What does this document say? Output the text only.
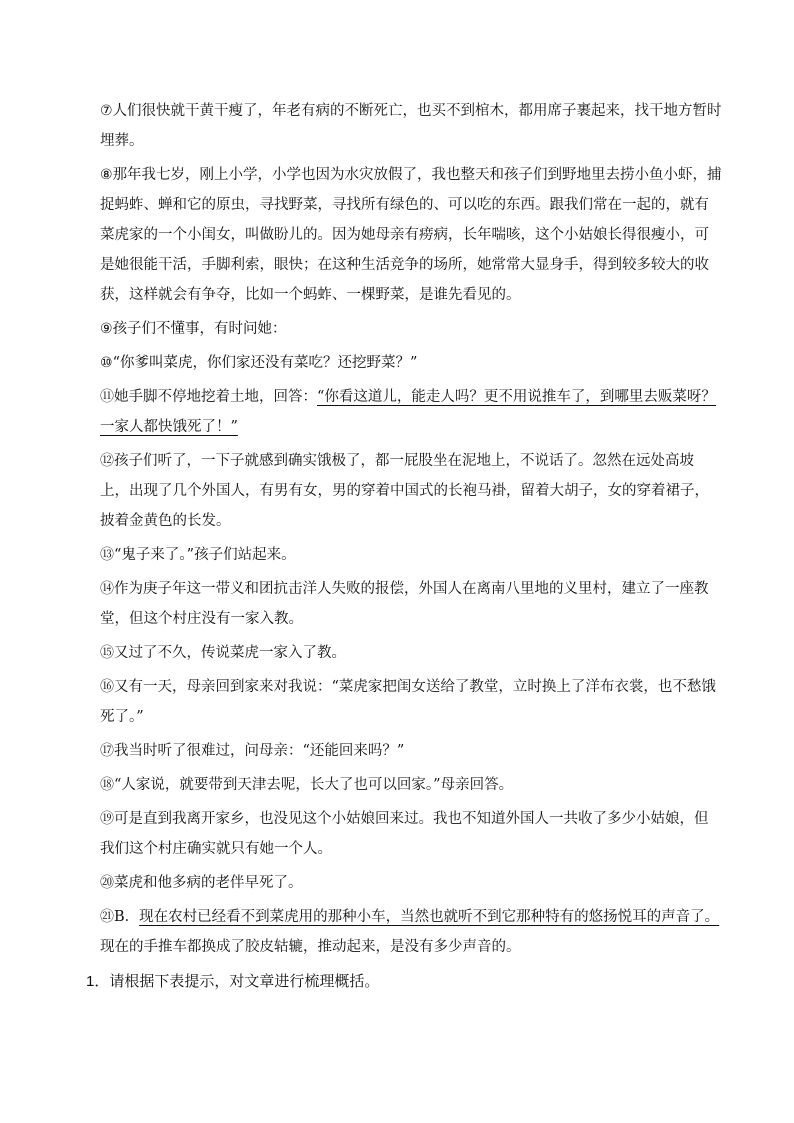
⑦人们很快就干黄干瘦了，年老有病的不断死亡，也买不到棺木，都用席子裹起来，找干地方暂时埋葬。

⑧那年我七岁，刚上小学，小学也因为水灾放假了，我也整天和孩子们到野地里去捞小鱼小虾，捕捉蚂蚱、蝉和它的原虫，寻找野菜，寻找所有绿色的、可以吃的东西。跟我们常在一起的，就有菜虎家的一个小闺女，叫做盼儿的。因为她母亲有痨病，长年喘咳，这个小姑娘长得很瘦小，可是她很能干活，手脚利索，眼快；在这种生活竞争的场所，她常常大显身手，得到较多较大的收获，这样就会有争夺，比如一个蚂蚱、一棵野菜，是谁先看见的。

⑨孩子们不懂事，有时问她：

⑩“你爹叫菜虎，你们家还没有菜吃？还挖野菜？”

⑪她手脚不停地挖着土地，回答：“你看这道儿，能走人吗？更不用说推车了，到哪里去贩菜呀？一家人都快饿死了！”

⑫孩子们听了，一下子就感到确实饿极了，都一屁股坐在泥地上，不说话了。忽然在远处高坡上，出现了几个外国人，有男有女，男的穿着中国式的长袍马褂，留着大胡子，女的穿着裙子，披着金黄色的长发。

⑬“鬼子来了。”孩子们站起来。

⑭作为庚子年这一带义和团抗击洋人失败的报偿，外国人在离南八里地的义里村，建立了一座教堂，但这个村庄没有一家入教。

⑮又过了不久，传说菜虎一家入了教。

⑯又有一天，母亲回到家来对我说：“菜虎家把闺女送给了教堂，立时换上了洋布衣裳，也不愁饿死了。”

⑰我当时听了很难过，问母亲：“还能回来吗？”

⑱“人家说，就要带到天津去呢，长大了也可以回家。”母亲回答。

⑲可是直到我离开家乡，也没见这个小姑娘回来过。我也不知道外国人一共收了多少小姑娘，但我们这个村庄确实就只有她一个人。

⑳菜虎和他多病的老伴早死了。

㉑B．现在农村已经看不到菜虎用的那种小车，当然也就听不到它那种特有的悠扬悦耳的声音了。现在的手推车都换成了胶皮轱辘，推动起来，是没有多少声音的。

1．请根据下表提示，对文章进行梳理概括。
